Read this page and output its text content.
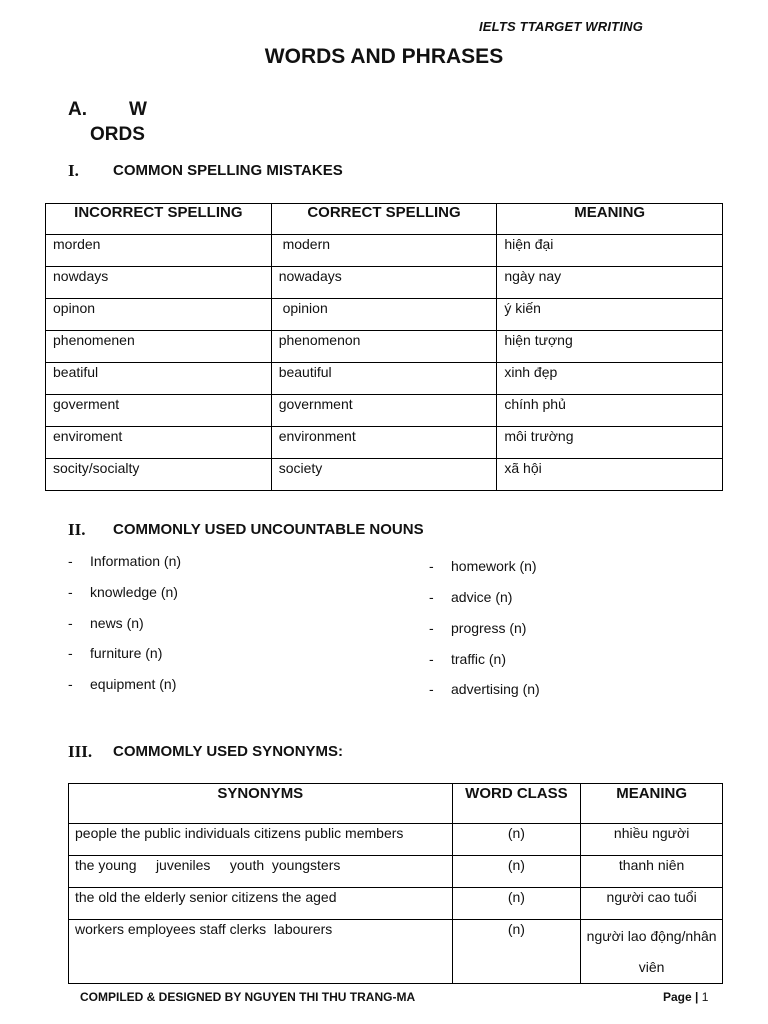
IELTS TTARGET WRITING
WORDS AND PHRASES
A. W
ORDS
I. COMMON SPELLING MISTAKES
INCORRECT SPELLING	CORRECT SPELLING	MEANING
morden	modern	hiện đại
nowdays	nowadays	ngày nay
opinon	opinion	ý kiến
phenomenen	phenomenon	hiện tượng
beatiful	beautiful	xinh đẹp
goverment	government	chính phủ
enviroment	environment	môi trường
socity/socialty	society	xã hội
II. COMMONLY USED UNCOUNTABLE NOUNS
- Information (n)
- knowledge (n)
- news (n)
- furniture (n)
- equipment (n)
- homework (n)
- advice (n)
- progress (n)
- traffic (n)
- advertising (n)
III. COMMOMLY USED SYNONYMS:
SYNONYMS	WORD CLASS	MEANING
people the public individuals citizens public members	(n)	nhiều người
the young     juveniles     youth  youngsters	(n)	thanh niên
the old the elderly senior citizens the aged	(n)	người cao tuổi
workers employees staff clerks  labourers	(n)	người lao động/nhân viên
COMPILED & DESIGNED BY NGUYEN THI THU TRANG-MA	Page | 1
